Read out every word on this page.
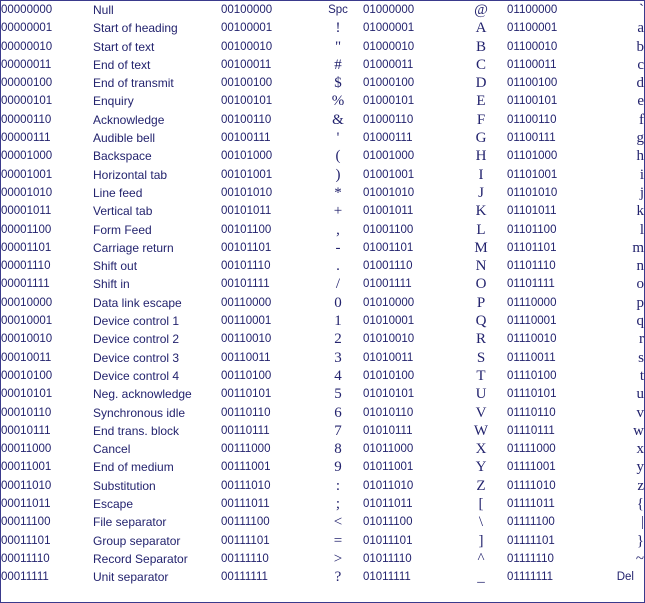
00000000	Null	00100000	Spc	01000000	@	01100000	`
00000001	Start of heading	00100001	!	01000001	A	01100001	a
00000010	Start of text	00100010	"	01000010	B	01100010	b
00000011	End of text	00100011	#	01000011	C	01100011	c
00000100	End of transmit	00100100	$	01000100	D	01100100	d
00000101	Enquiry	00100101	%	01000101	E	01100101	e
00000110	Acknowledge	00100110	&	01000110	F	01100110	f
00000111	Audible bell	00100111	'	01000111	G	01100111	g
00001000	Backspace	00101000	(	01001000	H	01101000	h
00001001	Horizontal tab	00101001	)	01001001	I	01101001	i
00001010	Line feed	00101010	*	01001010	J	01101010	j
00001011	Vertical tab	00101011	+	01001011	K	01101011	k
00001100	Form Feed	00101100	,	01001100	L	01101100	l
00001101	Carriage return	00101101	-	01001101	M	01101101	m
00001110	Shift out	00101110	.	01001110	N	01101110	n
00001111	Shift in	00101111	/	01001111	O	01101111	o
00010000	Data link escape	00110000	0	01010000	P	01110000	p
00010001	Device control 1	00110001	1	01010001	Q	01110001	q
00010010	Device control 2	00110010	2	01010010	R	01110010	r
00010011	Device control 3	00110011	3	01010011	S	01110011	s
00010100	Device control 4	00110100	4	01010100	T	01110100	t
00010101	Neg. acknowledge	00110101	5	01010101	U	01110101	u
00010110	Synchronous idle	00110110	6	01010110	V	01110110	v
00010111	End trans. block	00110111	7	01010111	W	01110111	w
00011000	Cancel	00111000	8	01011000	X	01111000	x
00011001	End of medium	00111001	9	01011001	Y	01111001	y
00011010	Substitution	00111010	:	01011010	Z	01111010	z
00011011	Escape	00111011	;	01011011	[	01111011	{
00011100	File separator	00111100	<	01011100	\	01111100	|
00011101	Group separator	00111101	=	01011101	]	01111101	}
00011110	Record Separator	00111110	>	01011110	^	01111110	~
00011111	Unit separator	00111111	?	01011111	_	01111111	Del
